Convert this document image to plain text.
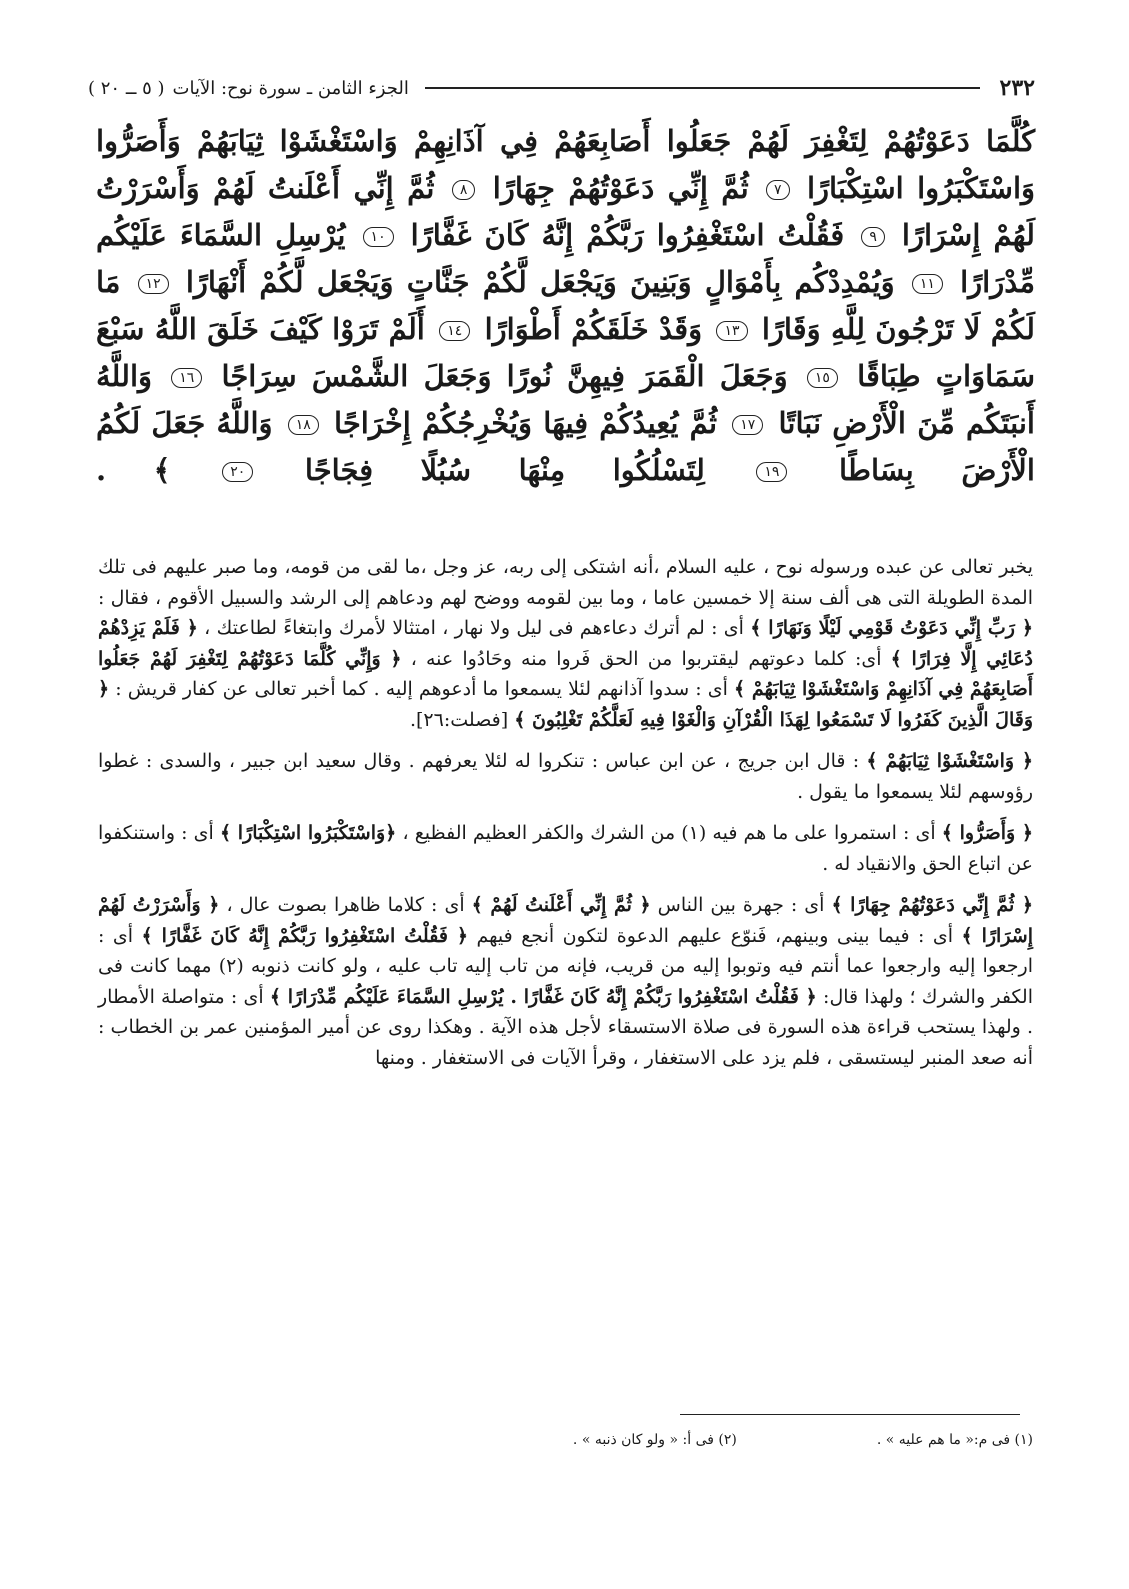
٢٣٢
الجزء الثامن ـ سورة نوح: الآيات
( ٥ ــ ٢٠ )
كُلَّمَا دَعَوْتُهُمْ لِتَغْفِرَ لَهُمْ جَعَلُوا أَصَابِعَهُمْ فِي آذَانِهِمْ وَاسْتَغْشَوْا ثِيَابَهُمْ وَأَصَرُّوا وَاسْتَكْبَرُوا اسْتِكْبَارًا ٧ ثُمَّ إِنِّي دَعَوْتُهُمْ جِهَارًا ٨ ثُمَّ إِنِّي أَعْلَنتُ لَهُمْ وَأَسْرَرْتُ لَهُمْ إِسْرَارًا ٩ فَقُلْتُ اسْتَغْفِرُوا رَبَّكُمْ إِنَّهُ كَانَ غَفَّارًا ١٠ يُرْسِلِ السَّمَاءَ عَلَيْكُم مِّدْرَارًا ١١ وَيُمْدِدْكُم بِأَمْوَالٍ وَبَنِينَ وَيَجْعَل لَّكُمْ جَنَّاتٍ وَيَجْعَل لَّكُمْ أَنْهَارًا ١٢ مَا لَكُمْ لَا تَرْجُونَ لِلَّهِ وَقَارًا ١٣ وَقَدْ خَلَقَكُمْ أَطْوَارًا ١٤ أَلَمْ تَرَوْا كَيْفَ خَلَقَ اللَّهُ سَبْعَ سَمَاوَاتٍ طِبَاقًا ١٥ وَجَعَلَ الْقَمَرَ فِيهِنَّ نُورًا وَجَعَلَ الشَّمْسَ سِرَاجًا ١٦ وَاللَّهُ أَنبَتَكُم مِّنَ الْأَرْضِ نَبَاتًا ١٧ ثُمَّ يُعِيدُكُمْ فِيهَا وَيُخْرِجُكُمْ إِخْرَاجًا ١٨ وَاللَّهُ جَعَلَ لَكُمُ الْأَرْضَ بِسَاطًا ١٩ لِتَسْلُكُوا مِنْهَا سُبُلًا فِجَاجًا ٢٠ ﴾ .

يخبر تعالى عن عبده ورسوله نوح ، عليه السلام ،أنه اشتكى إلى ربه، عز وجل ،ما لقى من قومه، وما صبر عليهم فى تلك المدة الطويلة التى هى ألف سنة إلا خمسين عاما ، وما بين لقومه ووضح لهم ودعاهم إلى الرشد والسبيل الأقوم ، فقال : ﴿ رَبِّ إِنِّي دَعَوْتُ قَوْمِي لَيْلًا وَنَهَارًا ﴾ أى : لم أترك دعاءهم فى ليل ولا نهار ، امتثالا لأمرك وابتغاءً لطاعتك ، ﴿ فَلَمْ يَزِدْهُمْ دُعَائِي إِلَّا فِرَارًا ﴾ أى: كلما دعوتهم ليقتربوا من الحق فَروا منه وحَادُوا عنه ، ﴿ وَإِنِّي كُلَّمَا دَعَوْتُهُمْ لِتَغْفِرَ لَهُمْ جَعَلُوا أَصَابِعَهُمْ فِي آذَانِهِمْ وَاسْتَغْشَوْا ثِيَابَهُمْ ﴾ أى : سدوا آذانهم لئلا يسمعوا ما أدعوهم إليه . كما أخبر تعالى عن كفار قريش : ﴿ وَقَالَ الَّذِينَ كَفَرُوا لَا تَسْمَعُوا لِهَذَا الْقُرْآنِ وَالْغَوْا فِيهِ لَعَلَّكُمْ تَغْلِبُونَ ﴾ [فصلت:٢٦].

﴿ وَاسْتَغْشَوْا ثِيَابَهُمْ ﴾ : قال ابن جريج ، عن ابن عباس : تنكروا له لئلا يعرفهم . وقال سعيد ابن جبير ، والسدى : غطوا رؤوسهم لئلا يسمعوا ما يقول .

﴿ وَأَصَرُّوا ﴾ أى : استمروا على ما هم فيه (١) من الشرك والكفر العظيم الفظيع ، ﴿وَاسْتَكْبَرُوا اسْتِكْبَارًا ﴾ أى : واستنكفوا عن اتباع الحق والانقياد له .

﴿ ثُمَّ إِنِّي دَعَوْتُهُمْ جِهَارًا ﴾ أى : جهرة بين الناس ﴿ ثُمَّ إِنِّي أَعْلَنتُ لَهُمْ ﴾ أى : كلاما ظاهرا بصوت عال ، ﴿ وَأَسْرَرْتُ لَهُمْ إِسْرَارًا ﴾ أى : فيما بينى وبينهم، فَنوّع عليهم الدعوة لتكون أنجع فيهم ﴿ فَقُلْتُ اسْتَغْفِرُوا رَبَّكُمْ إِنَّهُ كَانَ غَفَّارًا ﴾ أى : ارجعوا إليه وارجعوا عما أنتم فيه وتوبوا إليه من قريب، فإنه من تاب إليه تاب عليه ، ولو كانت ذنوبه (٢) مهما كانت فى الكفر والشرك ؛ ولهذا قال: ﴿ فَقُلْتُ اسْتَغْفِرُوا رَبَّكُمْ إِنَّهُ كَانَ غَفَّارًا . يُرْسِلِ السَّمَاءَ عَلَيْكُم مِّدْرَارًا ﴾ أى : متواصلة الأمطار . ولهذا يستحب قراءة هذه السورة فى صلاة الاستسقاء لأجل هذه الآية . وهكذا روى عن أمير المؤمنين عمر بن الخطاب : أنه صعد المنبر ليستسقى ، فلم يزد على الاستغفار ، وقرأ الآيات فى الاستغفار . ومنها

(١) فى م:« ما هم عليه » .
(٢) فى أ: « ولو كان ذنبه » .
